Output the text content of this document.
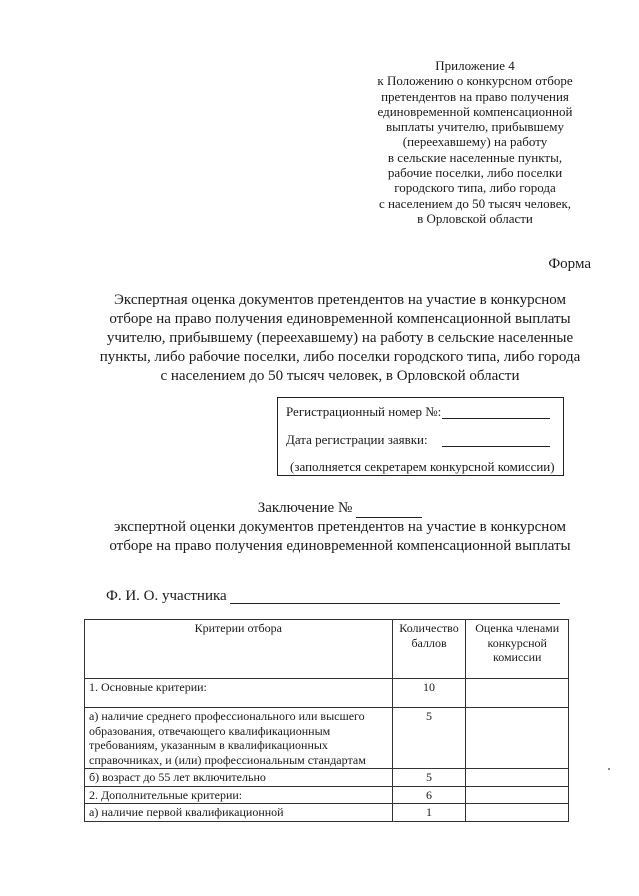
Приложение 4
к Положению о конкурсном отборе
претендентов на право получения
единовременной компенсационной
выплаты учителю, прибывшему
(переехавшему) на работу
в сельские населенные пункты,
рабочие поселки, либо поселки
городского типа, либо города
с населением до 50 тысяч человек,
в Орловской области
Форма
Экспертная оценка документов претендентов на участие в конкурсном
отборе на право получения единовременной компенсационной выплаты
учителю, прибывшему (переехавшему) на работу в сельские населенные
пункты, либо рабочие поселки, либо поселки городского типа, либо города
с населением до 50 тысяч человек, в Орловской области
Регистрационный номер №:
Дата регистрации заявки:
(заполняется секретарем конкурсной комиссии)
Заключение №
экспертной оценки документов претендентов на участие в конкурсном
отборе на право получения единовременной компенсационной выплаты
Ф. И. О. участника
Критерии отбора	Количество баллов	Оценка членами конкурсной комиссии
1. Основные критерии:	10	
а) наличие среднего профессионального или высшего образования, отвечающего квалификационным требованиям, указанным в квалификационных справочниках, и (или) профессиональным стандартам	5	
б) возраст до 55 лет включительно	5	
2. Дополнительные критерии:	6	
а) наличие первой квалификационной	1	
